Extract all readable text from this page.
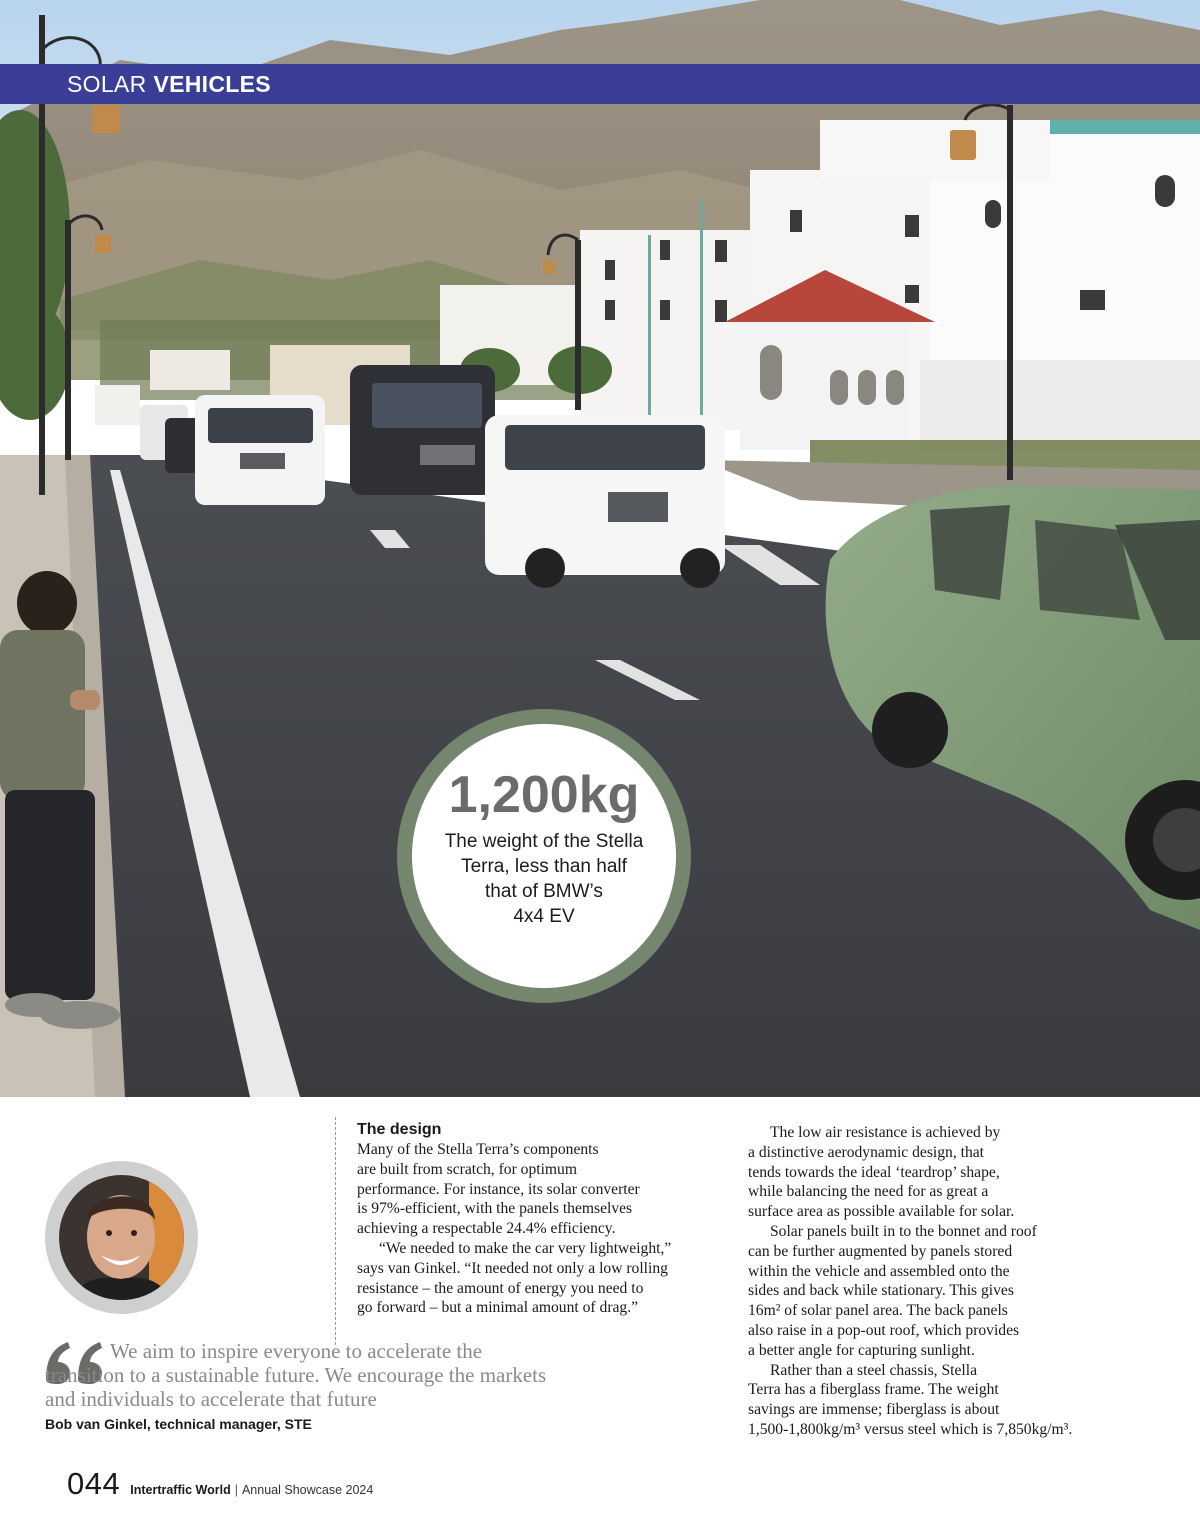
SOLAR VEHICLES
1,200kg
The weight of the Stella
Terra, less than half
that of BMW’s
4x4 EV
We aim to inspire everyone to accelerate the transition to a sustainable future. We encourage the markets and individuals to accelerate that future
Bob van Ginkel, technical manager, STE
The design

Many of the Stella Terra’s components

are built from scratch, for optimum

performance. For instance, its solar converter

is 97%-efficient, with the panels themselves

achieving a respectable 24.4% efficiency.

“We needed to make the car very lightweight,”

says van Ginkel. “It needed not only a low rolling

resistance – the amount of energy you need to

go forward – but a minimal amount of drag.”

The low air resistance is achieved by

a distinctive aerodynamic design, that

tends towards the ideal ‘teardrop’ shape,

while balancing the need for as great a

surface area as possible available for solar.

Solar panels built in to the bonnet and roof

can be further augmented by panels stored

within the vehicle and assembled onto the

sides and back while stationary. This gives

16m² of solar panel area. The back panels

also raise in a pop-out roof, which provides

a better angle for capturing sunlight.

Rather than a steel chassis, Stella

Terra has a fiberglass frame. The weight

savings are immense; fiberglass is about

1,500-1,800kg/m³ versus steel which is 7,850kg/m³.

044 Intertraffic World | Annual Showcase 2024
